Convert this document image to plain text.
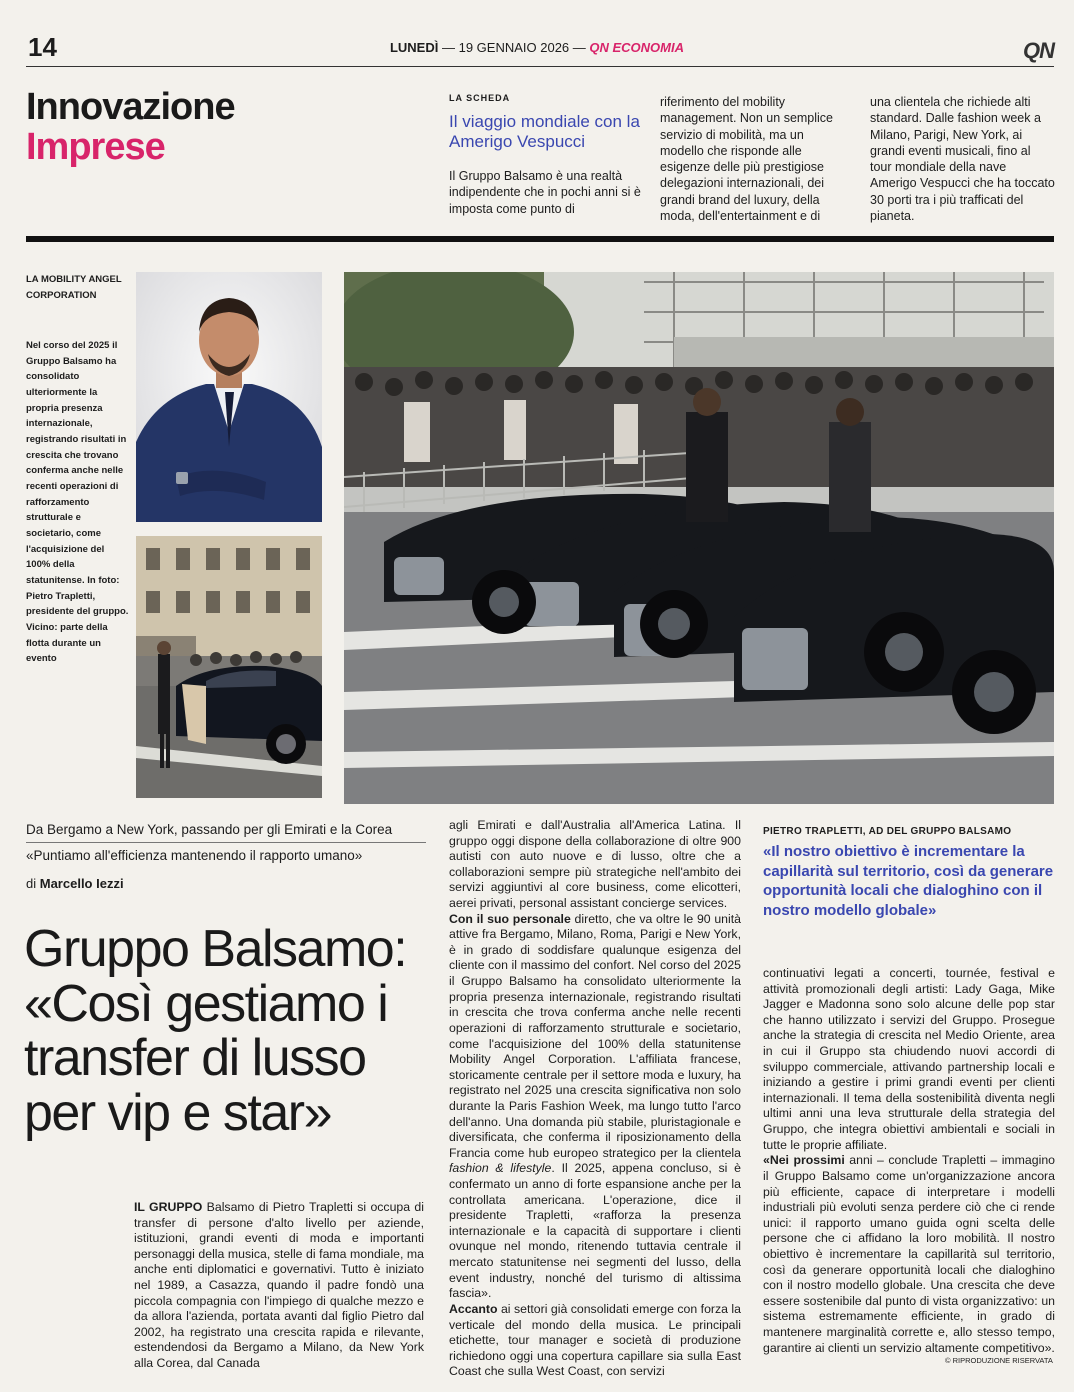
14	LUNEDÌ — 19 GENNAIO 2026 — QN ECONOMIA	QN
Innovazione
Imprese
LA SCHEDA
Il viaggio mondiale con la Amerigo Vespucci
Il Gruppo Balsamo è una realtà indipendente che in pochi anni si è imposta come punto di
riferimento del mobility management. Non un semplice servizio di mobilità, ma un modello che risponde alle esigenze delle più prestigiose delegazioni internazionali, dei grandi brand del luxury, della moda, dell'entertainment e di
una clientela che richiede alti standard. Dalle fashion week a Milano, Parigi, New York, ai grandi eventi musicali, fino al tour mondiale della nave Amerigo Vespucci che ha toccato 30 porti tra i più trafficati del pianeta.
LA MOBILITY ANGEL CORPORATION
Nel corso del 2025 il Gruppo Balsamo ha consolidato ulteriormente la propria presenza internazionale, registrando risultati in crescita che trovano conferma anche nelle recenti operazioni di rafforzamento strutturale e societario, come l'acquisizione del 100% della statunitense. In foto: Pietro Trapletti, presidente del gruppo. Vicino: parte della flotta durante un evento
Da Bergamo a New York, passando per gli Emirati e la Corea
«Puntiamo all'efficienza mantenendo il rapporto umano»
di Marcello Iezzi
Gruppo Balsamo: «Così gestiamo i transfer di lusso per vip e star»
IL GRUPPO Balsamo di Pietro Trapletti si occupa di transfer di persone d'alto livello per aziende, istituzioni, grandi eventi di moda e importanti personaggi della musica, stelle di fama mondiale, ma anche enti diplomatici e governativi. Tutto è iniziato nel 1989, a Casazza, quando il padre fondò una piccola compagnia con l'impiego di qualche mezzo e da allora l'azienda, portata avanti dal figlio Pietro dal 2002, ha registrato una crescita rapida e rilevante, estendendosi da Bergamo a Milano, da New York alla Corea, dal Canada
agli Emirati e dall'Australia all'America Latina. Il gruppo oggi dispone della collaborazione di oltre 900 autisti con auto nuove e di lusso, oltre che a collaborazioni sempre più strategiche nell'ambito dei servizi aggiuntivi al core business, come elicotteri, aerei privati, personal assistant concierge services.
Con il suo personale diretto, che va oltre le 90 unità attive fra Bergamo, Milano, Roma, Parigi e New York, è in grado di soddisfare qualunque esigenza del cliente con il massimo del confort. Nel corso del 2025 il Gruppo Balsamo ha consolidato ulteriormente la propria presenza internazionale, registrando risultati in crescita che trova conferma anche nelle recenti operazioni di rafforzamento strutturale e societario, come l'acquisizione del 100% della statunitense Mobility Angel Corporation. L'affiliata francese, storicamente centrale per il settore moda e luxury, ha registrato nel 2025 una crescita significativa non solo durante la Paris Fashion Week, ma lungo tutto l'arco dell'anno. Una domanda più stabile, pluristagionale e diversificata, che conferma il riposizionamento della Francia come hub europeo strategico per la clientela fashion & lifestyle. Il 2025, appena concluso, si è confermato un anno di forte espansione anche per la controllata americana. L'operazione, dice il presidente Trapletti, «rafforza la presenza internazionale e la capacità di supportare i clienti ovunque nel mondo, ritenendo tuttavia centrale il mercato statunitense nei segmenti del lusso, della event industry, nonché del turismo di altissima fascia».
Accanto ai settori già consolidati emerge con forza la verticale del mondo della musica. Le principali etichette, tour manager e società di produzione richiedono oggi una copertura capillare sia sulla East Coast che sulla West Coast, con servizi
PIETRO TRAPLETTI, AD DEL GRUPPO BALSAMO
«Il nostro obiettivo è incrementare la capillarità sul territorio, così da generare opportunità locali che dialoghino con il nostro modello globale»
continuativi legati a concerti, tournée, festival e attività promozionali degli artisti: Lady Gaga, Mike Jagger e Madonna sono solo alcune delle pop star che hanno utilizzato i servizi del Gruppo. Prosegue anche la strategia di crescita nel Medio Oriente, area in cui il Gruppo sta chiudendo nuovi accordi di sviluppo commerciale, attivando partnership locali e iniziando a gestire i primi grandi eventi per clienti internazionali. Il tema della sostenibilità diventa negli ultimi anni una leva strutturale della strategia del Gruppo, che integra obiettivi ambientali e sociali in tutte le proprie affiliate.
«Nei prossimi anni – conclude Trapletti – immagino il Gruppo Balsamo come un'organizzazione ancora più efficiente, capace di interpretare i modelli industriali più evoluti senza perdere ciò che ci rende unici: il rapporto umano guida ogni scelta delle persone che ci affidano la loro mobilità. Il nostro obiettivo è incrementare la capillarità sul territorio, così da generare opportunità locali che dialoghino con il nostro modello globale. Una crescita che deve essere sostenibile dal punto di vista organizzativo: un sistema estremamente efficiente, in grado di mantenere marginalità corrette e, allo stesso tempo, garantire ai clienti un servizio altamente competitivo».
© RIPRODUZIONE RISERVATA
